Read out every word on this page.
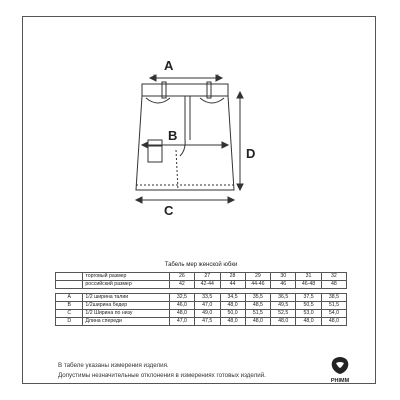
A
B
C
D
Табель мер женской юбки
	торговый размер	26	27	28	29	30	31	32
	российский размер	42	42-44	44	44-46	46	46-48	48

A	1/2 ширина талии	32,5	33,5	34,5	35,5	36,5	37,5	38,5
B	1/2ширина бедер	46,0	47,0	48,0	48,5	49,5	50,5	51,5
C	1/2 Ширина по низу	48,0	49,0	50,0	51,5	52,5	53,0	54,0
D	Длина спереди	47,0	47,5	48,0	48,0	48,0	48,0	48,0
В табеле указаны измерения изделия.
Допустимы незначительные отклонения в измерениях готовых изделий.
PHIMM
